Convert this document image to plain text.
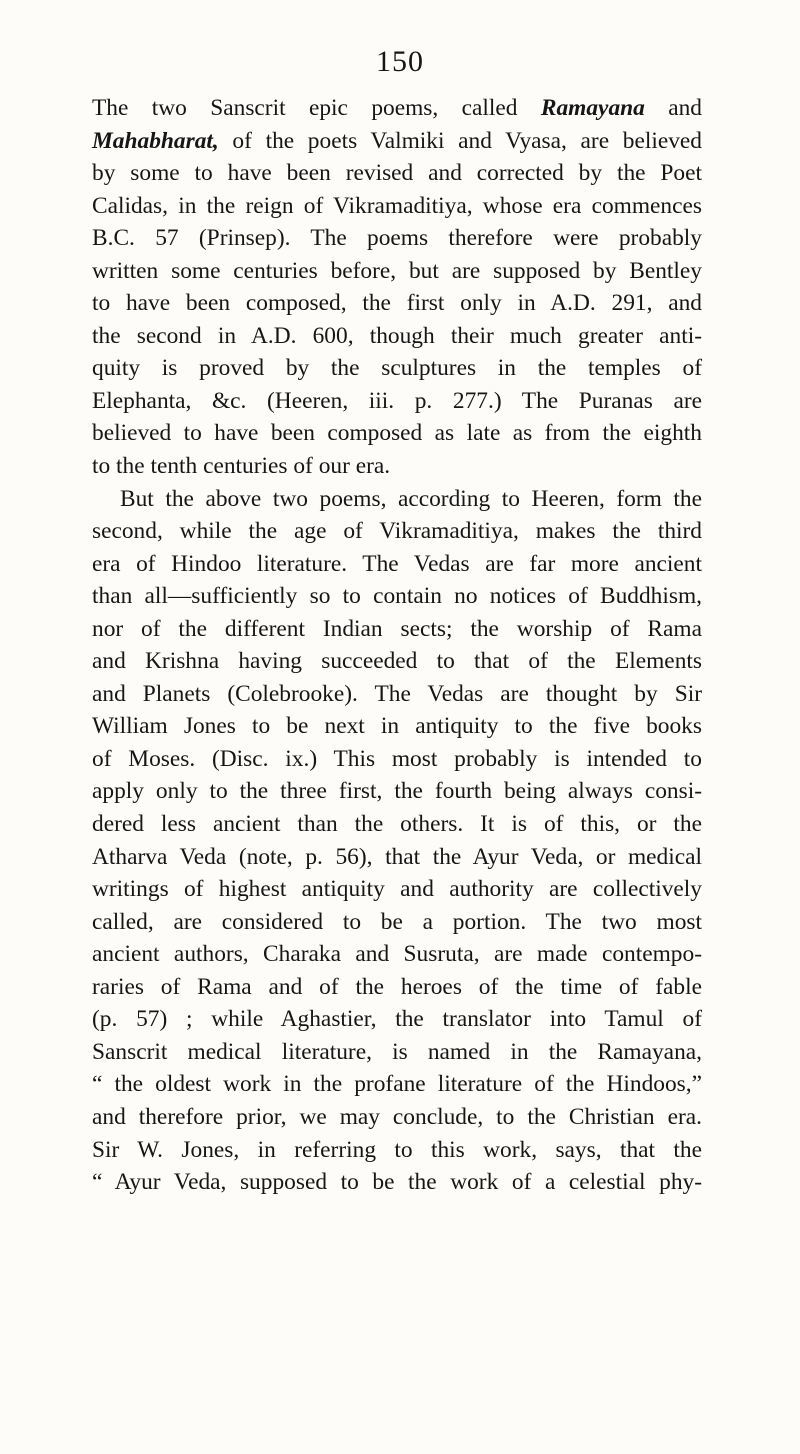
150
The two Sanscrit epic poems, called Ramayana and
Mahabharat, of the poets Valmiki and Vyasa, are believed
by some to have been revised and corrected by the Poet
Calidas, in the reign of Vikramaditiya, whose era commences
B.C. 57 (Prinsep). The poems therefore were probably
written some centuries before, but are supposed by Bentley
to have been composed, the first only in A.D. 291, and
the second in A.D. 600, though their much greater anti-
quity is proved by the sculptures in the temples of
Elephanta, &c. (Heeren, iii. p. 277.) The Puranas are
believed to have been composed as late as from the eighth
to the tenth centuries of our era.
But the above two poems, according to Heeren, form the
second, while the age of Vikramaditiya, makes the third
era of Hindoo literature. The Vedas are far more ancient
than all—sufficiently so to contain no notices of Buddhism,
nor of the different Indian sects; the worship of Rama
and Krishna having succeeded to that of the Elements
and Planets (Colebrooke). The Vedas are thought by Sir
William Jones to be next in antiquity to the five books
of Moses. (Disc. ix.) This most probably is intended to
apply only to the three first, the fourth being always consi-
dered less ancient than the others. It is of this, or the
Atharva Veda (note, p. 56), that the Ayur Veda, or medical
writings of highest antiquity and authority are collectively
called, are considered to be a portion. The two most
ancient authors, Charaka and Susruta, are made contempo-
raries of Rama and of the heroes of the time of fable
(p. 57) ; while Aghastier, the translator into Tamul of
Sanscrit medical literature, is named in the Ramayana,
“ the oldest work in the profane literature of the Hindoos,”
and therefore prior, we may conclude, to the Christian era.
Sir W. Jones, in referring to this work, says, that the
“ Ayur Veda, supposed to be the work of a celestial phy-
